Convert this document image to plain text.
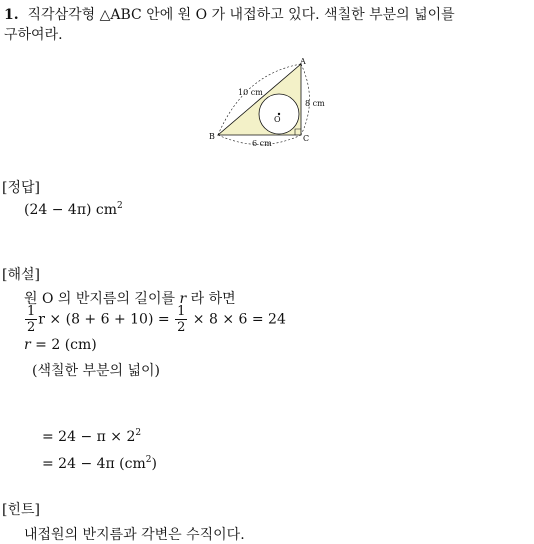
1. 직각삼각형 △ABC 안에 원 O 가 내접하고 있다. 색칠한 부분의 넓이를
구하여라.
A
B	C
O
10 cm
8 cm
6 cm
[정답]
(24 − 4π) $cm^2$
[해설]
원 O 의 반지름의 길이를 r 라 하면
$\frac{1}{2}$ $r \times (8 + 6 + 10) = \frac{1}{2} \times 8 \times 6 = 24$
r = 2 (cm)
(색칠한 부분의 넓이)
= $24 - \pi \times 2^2$
= 24 − 4π $(cm^2)$
[힌트]
내접원의 반지름과 각변은 수직이다.
